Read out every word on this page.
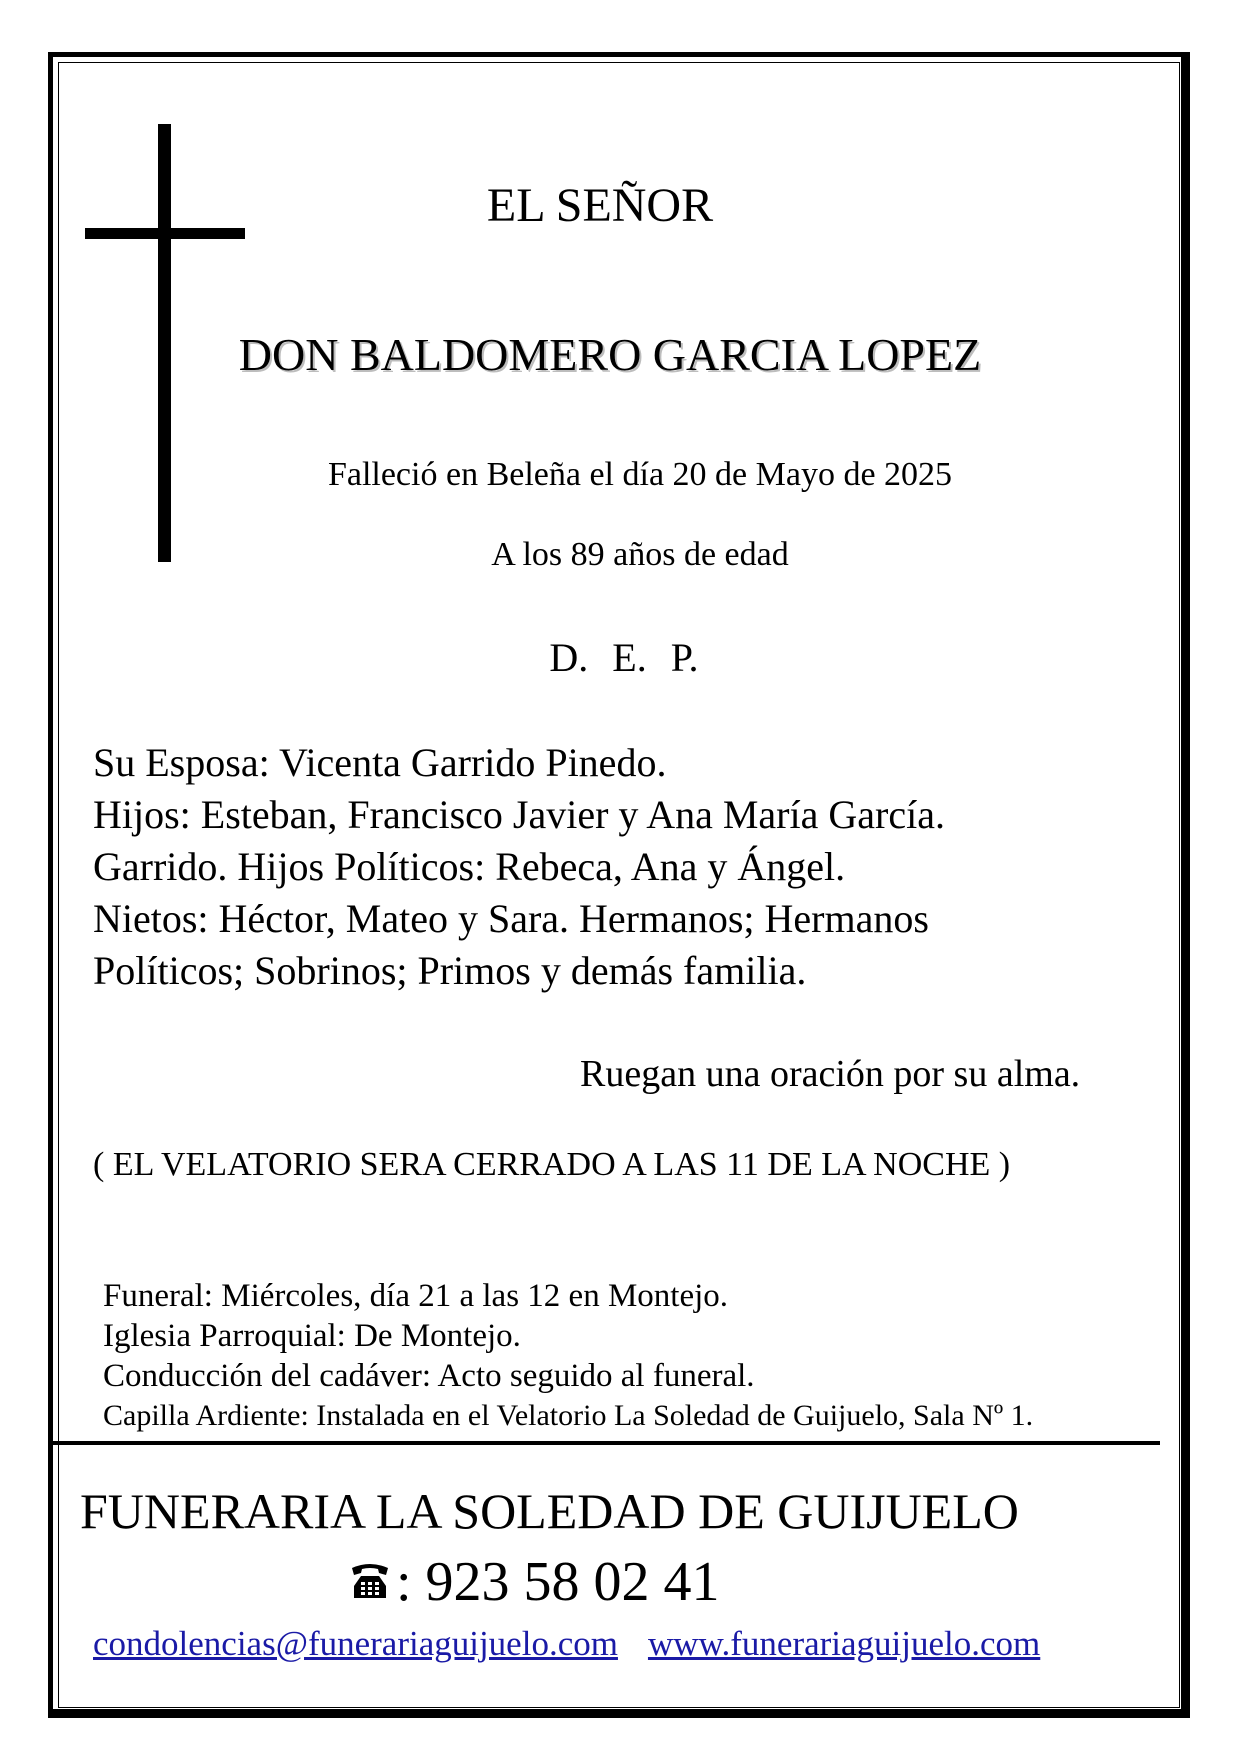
EL SEÑOR
DON BALDOMERO GARCIA LOPEZ
Falleció en Beleña el día 20 de Mayo de 2025
A los 89 años de edad
D. E. P.
Su Esposa: Vicenta Garrido Pinedo.
Hijos: Esteban, Francisco Javier y Ana María García.
Garrido. Hijos Políticos: Rebeca, Ana y Ángel.
Nietos: Héctor, Mateo y Sara. Hermanos; Hermanos
Políticos; Sobrinos; Primos y demás familia.
Ruegan una oración por su alma.
( EL VELATORIO SERA CERRADO A LAS 11 DE LA NOCHE )
Funeral: Miércoles, día 21 a las 12 en Montejo.
Iglesia Parroquial: De Montejo.
Conducción del cadáver: Acto seguido al funeral.
Capilla Ardiente: Instalada en el Velatorio La Soledad de Guijuelo, Sala Nº 1.
FUNERARIA LA SOLEDAD DE GUIJUELO
: 923 58 02 41
condolencias@funerariaguijuelo.com www.funerariaguijuelo.com
